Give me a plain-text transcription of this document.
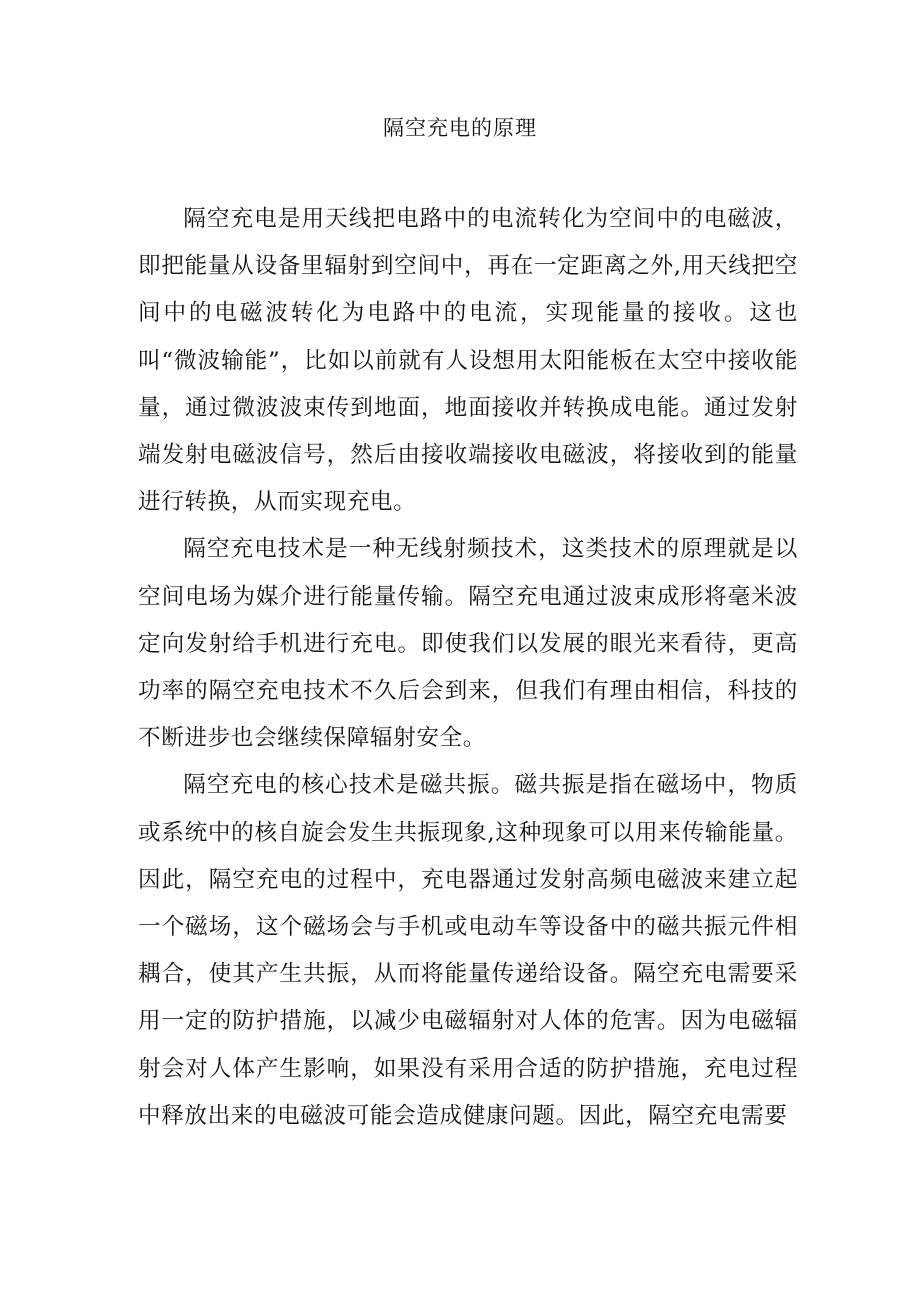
隔空充电的原理

隔空充电是用天线把电路中的电流转化为空间中的电磁波，即把能量从设备里辐射到空间中，再在一定距离之外,用天线把空间中的电磁波转化为电路中的电流，实现能量的接收。这也叫“微波输能”，比如以前就有人设想用太阳能板在太空中接收能量，通过微波波束传到地面，地面接收并转换成电能。通过发射端发射电磁波信号，然后由接收端接收电磁波，将接收到的能量进行转换，从而实现充电。

隔空充电技术是一种无线射频技术，这类技术的原理就是以空间电场为媒介进行能量传输。隔空充电通过波束成形将毫米波定向发射给手机进行充电。即使我们以发展的眼光来看待，更高功率的隔空充电技术不久后会到来，但我们有理由相信，科技的不断进步也会继续保障辐射安全。

隔空充电的核心技术是磁共振。磁共振是指在磁场中，物质或系统中的核自旋会发生共振现象,这种现象可以用来传输能量。因此，隔空充电的过程中，充电器通过发射高频电磁波来建立起一个磁场，这个磁场会与手机或电动车等设备中的磁共振元件相耦合，使其产生共振，从而将能量传递给设备。隔空充电需要采用一定的防护措施，以减少电磁辐射对人体的危害。因为电磁辐射会对人体产生影响，如果没有采用合适的防护措施，充电过程中释放出来的电磁波可能会造成健康问题。因此，隔空充电需要
